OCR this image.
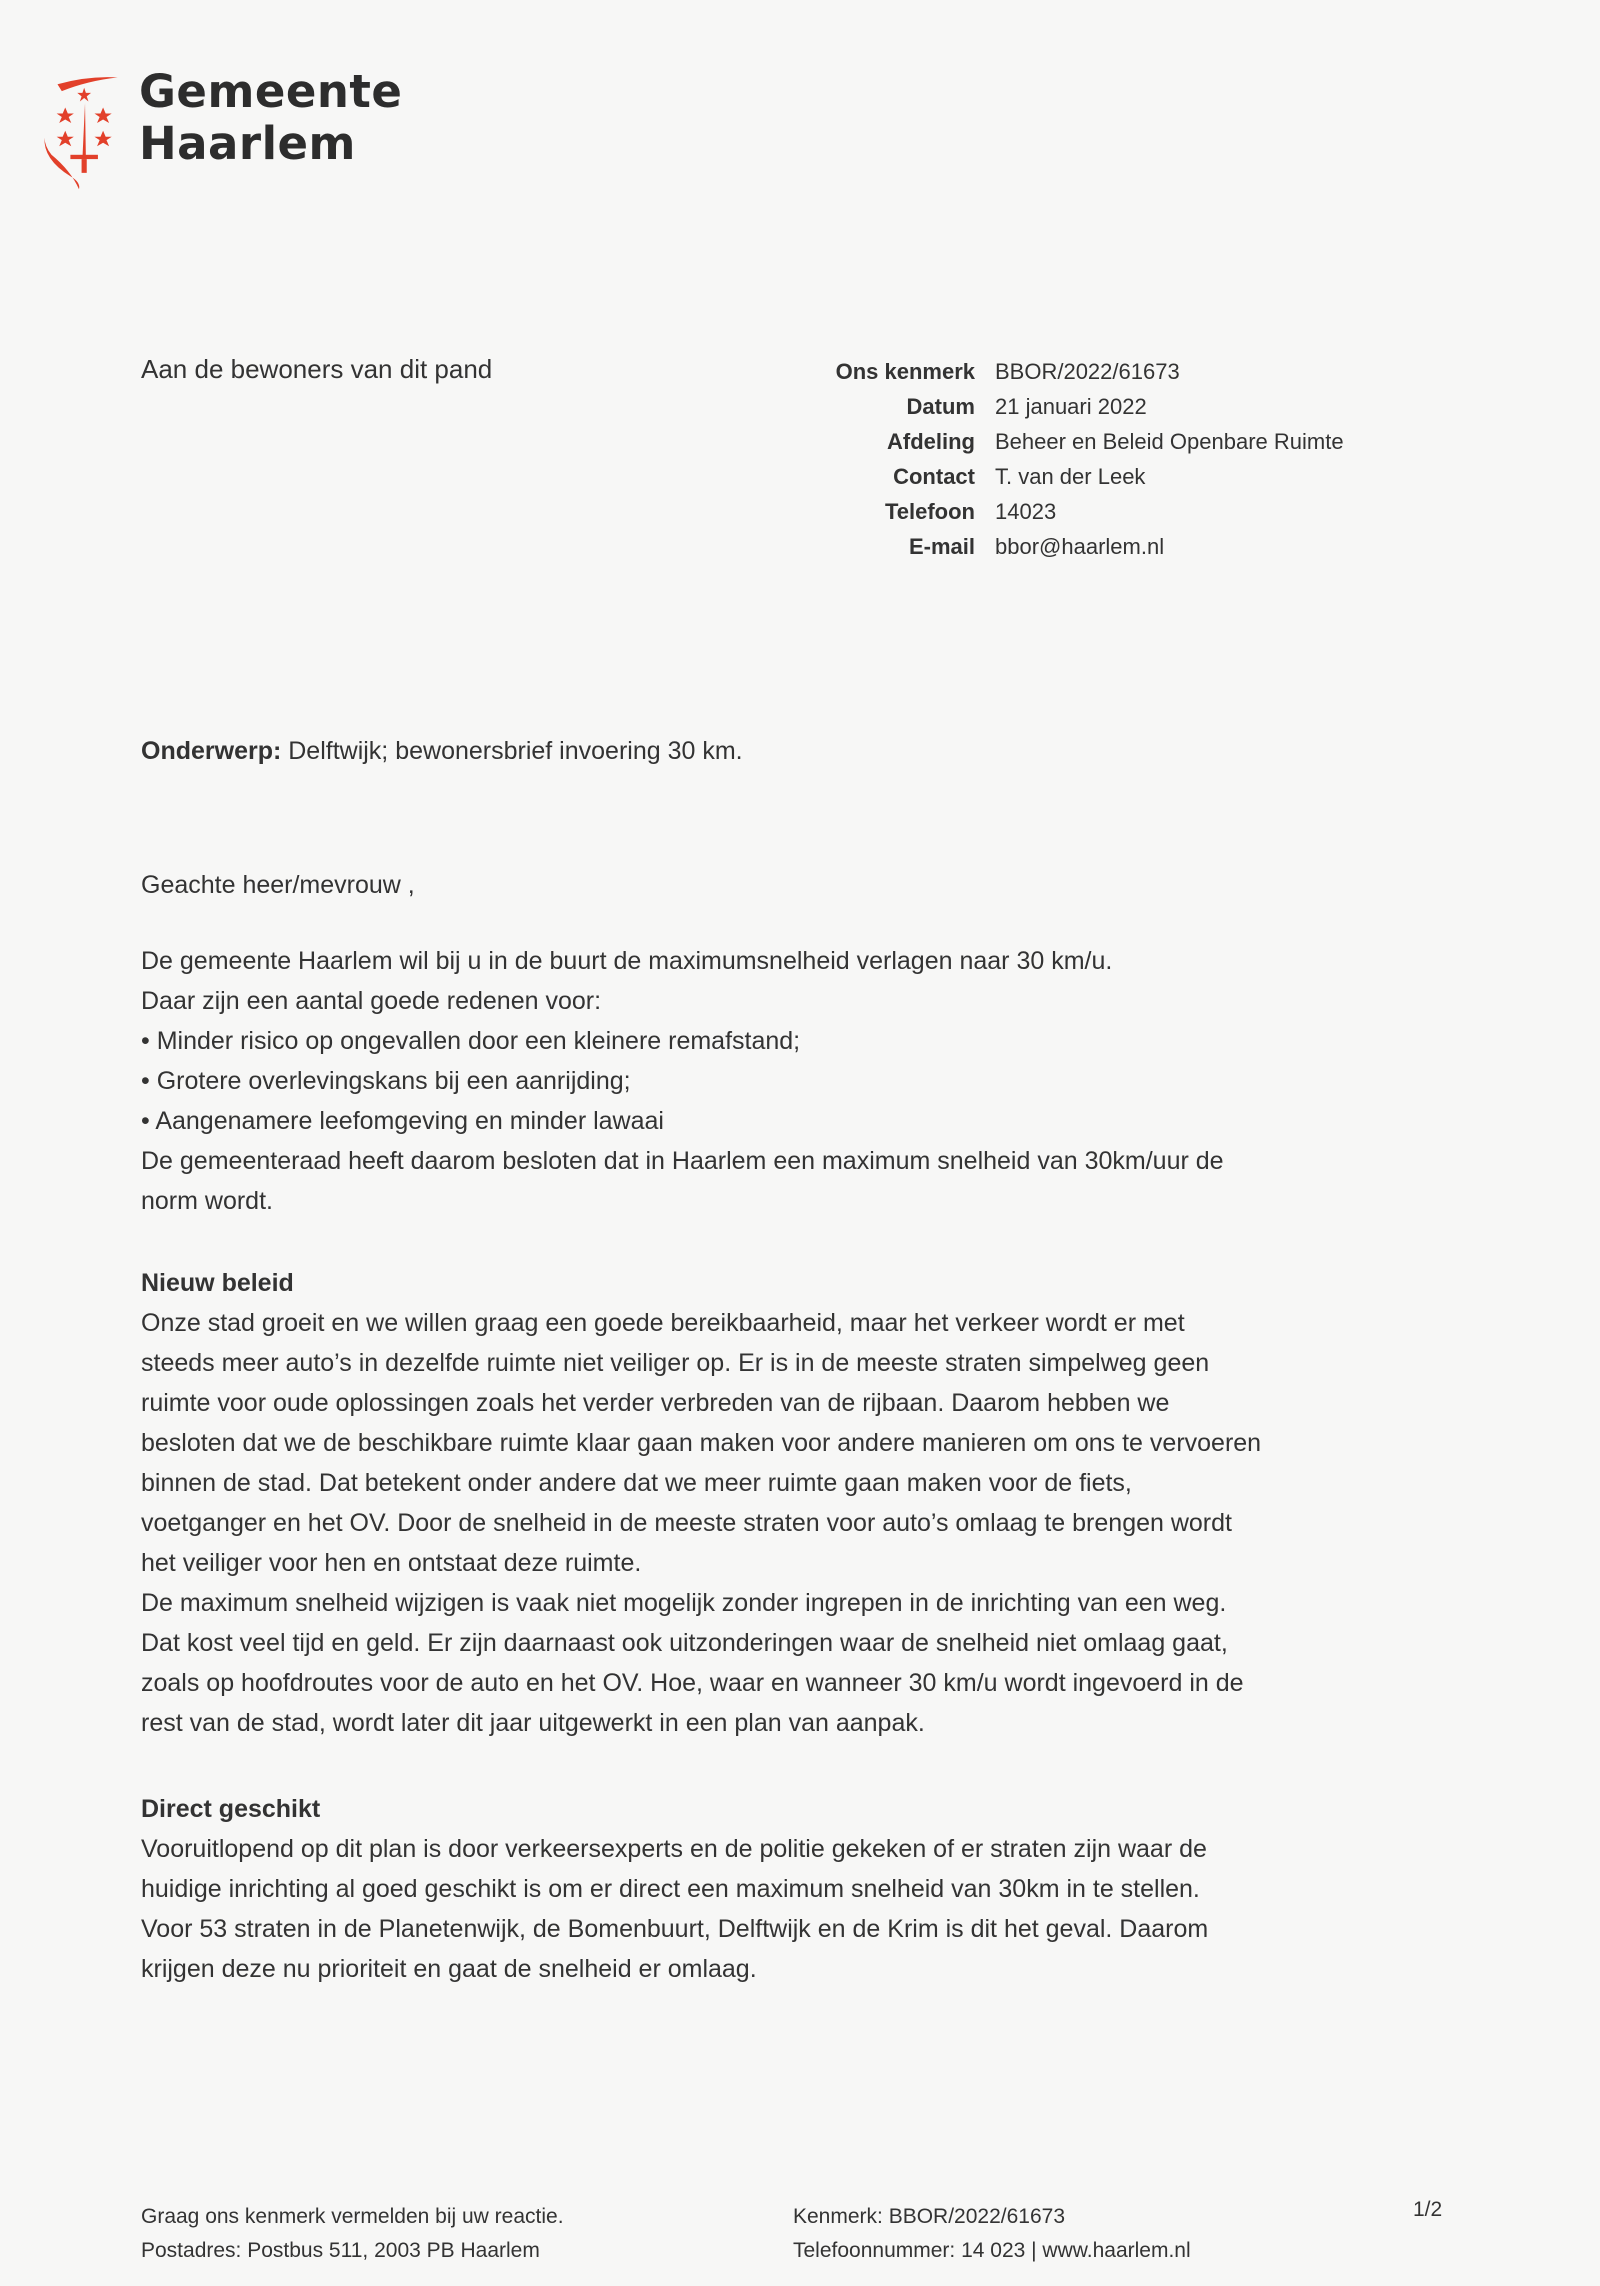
Gemeente
Haarlem
Aan de bewoners van dit pand	Ons kenmerk BBOR/2022/61673
Datum 21 januari 2022
Afdeling Beheer en Beleid Openbare Ruimte
Contact T. van der Leek
Telefoon 14023
E-mail bbor@haarlem.nl
Onderwerp: Delftwijk; bewonersbrief invoering 30 km.
Geachte heer/mevrouw ,
De gemeente Haarlem wil bij u in de buurt de maximumsnelheid verlagen naar 30 km/u.
Daar zijn een aantal goede redenen voor:
• Minder risico op ongevallen door een kleinere remafstand;
• Grotere overlevingskans bij een aanrijding;
• Aangenamere leefomgeving en minder lawaai
De gemeenteraad heeft daarom besloten dat in Haarlem een maximum snelheid van 30km/uur de
norm wordt.
Nieuw beleid
Onze stad groeit en we willen graag een goede bereikbaarheid, maar het verkeer wordt er met
steeds meer auto’s in dezelfde ruimte niet veiliger op. Er is in de meeste straten simpelweg geen
ruimte voor oude oplossingen zoals het verder verbreden van de rijbaan. Daarom hebben we
besloten dat we de beschikbare ruimte klaar gaan maken voor andere manieren om ons te vervoeren
binnen de stad. Dat betekent onder andere dat we meer ruimte gaan maken voor de fiets,
voetganger en het OV. Door de snelheid in de meeste straten voor auto’s omlaag te brengen wordt
het veiliger voor hen en ontstaat deze ruimte.
De maximum snelheid wijzigen is vaak niet mogelijk zonder ingrepen in de inrichting van een weg.
Dat kost veel tijd en geld. Er zijn daarnaast ook uitzonderingen waar de snelheid niet omlaag gaat,
zoals op hoofdroutes voor de auto en het OV. Hoe, waar en wanneer 30 km/u wordt ingevoerd in de
rest van de stad, wordt later dit jaar uitgewerkt in een plan van aanpak.
Direct geschikt
Vooruitlopend op dit plan is door verkeersexperts en de politie gekeken of er straten zijn waar de
huidige inrichting al goed geschikt is om er direct een maximum snelheid van 30km in te stellen.
Voor 53 straten in de Planetenwijk, de Bomenbuurt, Delftwijk en de Krim is dit het geval. Daarom
krijgen deze nu prioriteit en gaat de snelheid er omlaag.
Graag ons kenmerk vermelden bij uw reactie.
Postadres: Postbus 511, 2003 PB Haarlem
Kenmerk: BBOR/2022/61673
Telefoonnummer: 14 023 | www.haarlem.nl
1/2
